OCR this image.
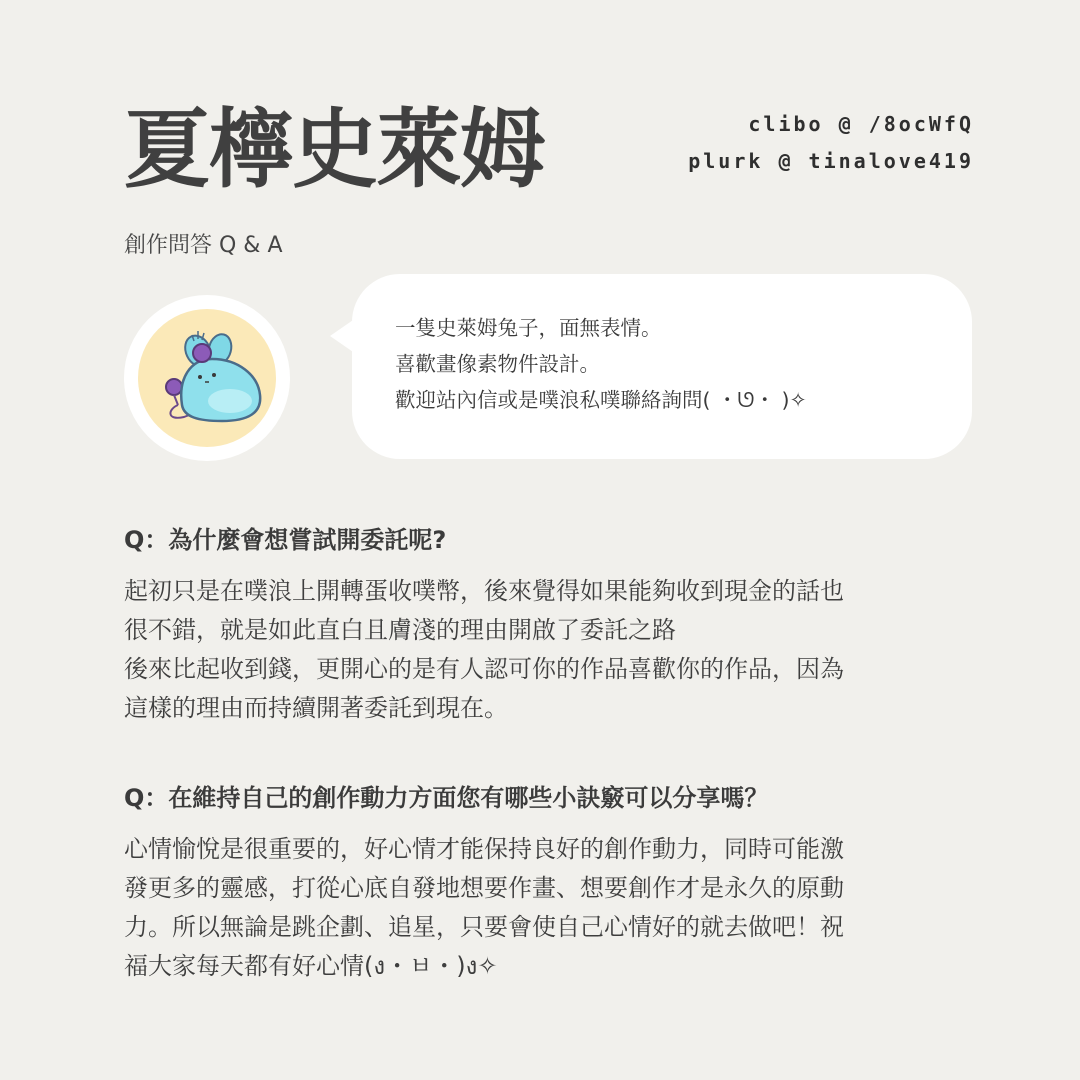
夏檸史萊姆	clibo @ /8ocWfQ
plurk @ tinalove419
創作問答 Q & A
一隻史萊姆兔子，面無表情。
喜歡畫像素物件設計。
歡迎站內信或是噗浪私噗聯絡詢問( ・ᘎ・ )✧
Q：為什麼會想嘗試開委託呢?
起初只是在噗浪上開轉蛋收噗幣，後來覺得如果能夠收到現金的話也
很不錯，就是如此直白且膚淺的理由開啟了委託之路
後來比起收到錢，更開心的是有人認可你的作品喜歡你的作品，因為
這樣的理由而持續開著委託到現在。
Q：在維持自己的創作動力方面您有哪些小訣竅可以分享嗎？
心情愉悅是很重要的，好心情才能保持良好的創作動力，同時可能激
發更多的靈感，打從心底自發地想要作畫、想要創作才是永久的原動
力。所以無論是跳企劃、追星，只要會使自己心情好的就去做吧！祝
福大家每天都有好心情(ง・ㅂ・)ง✧
